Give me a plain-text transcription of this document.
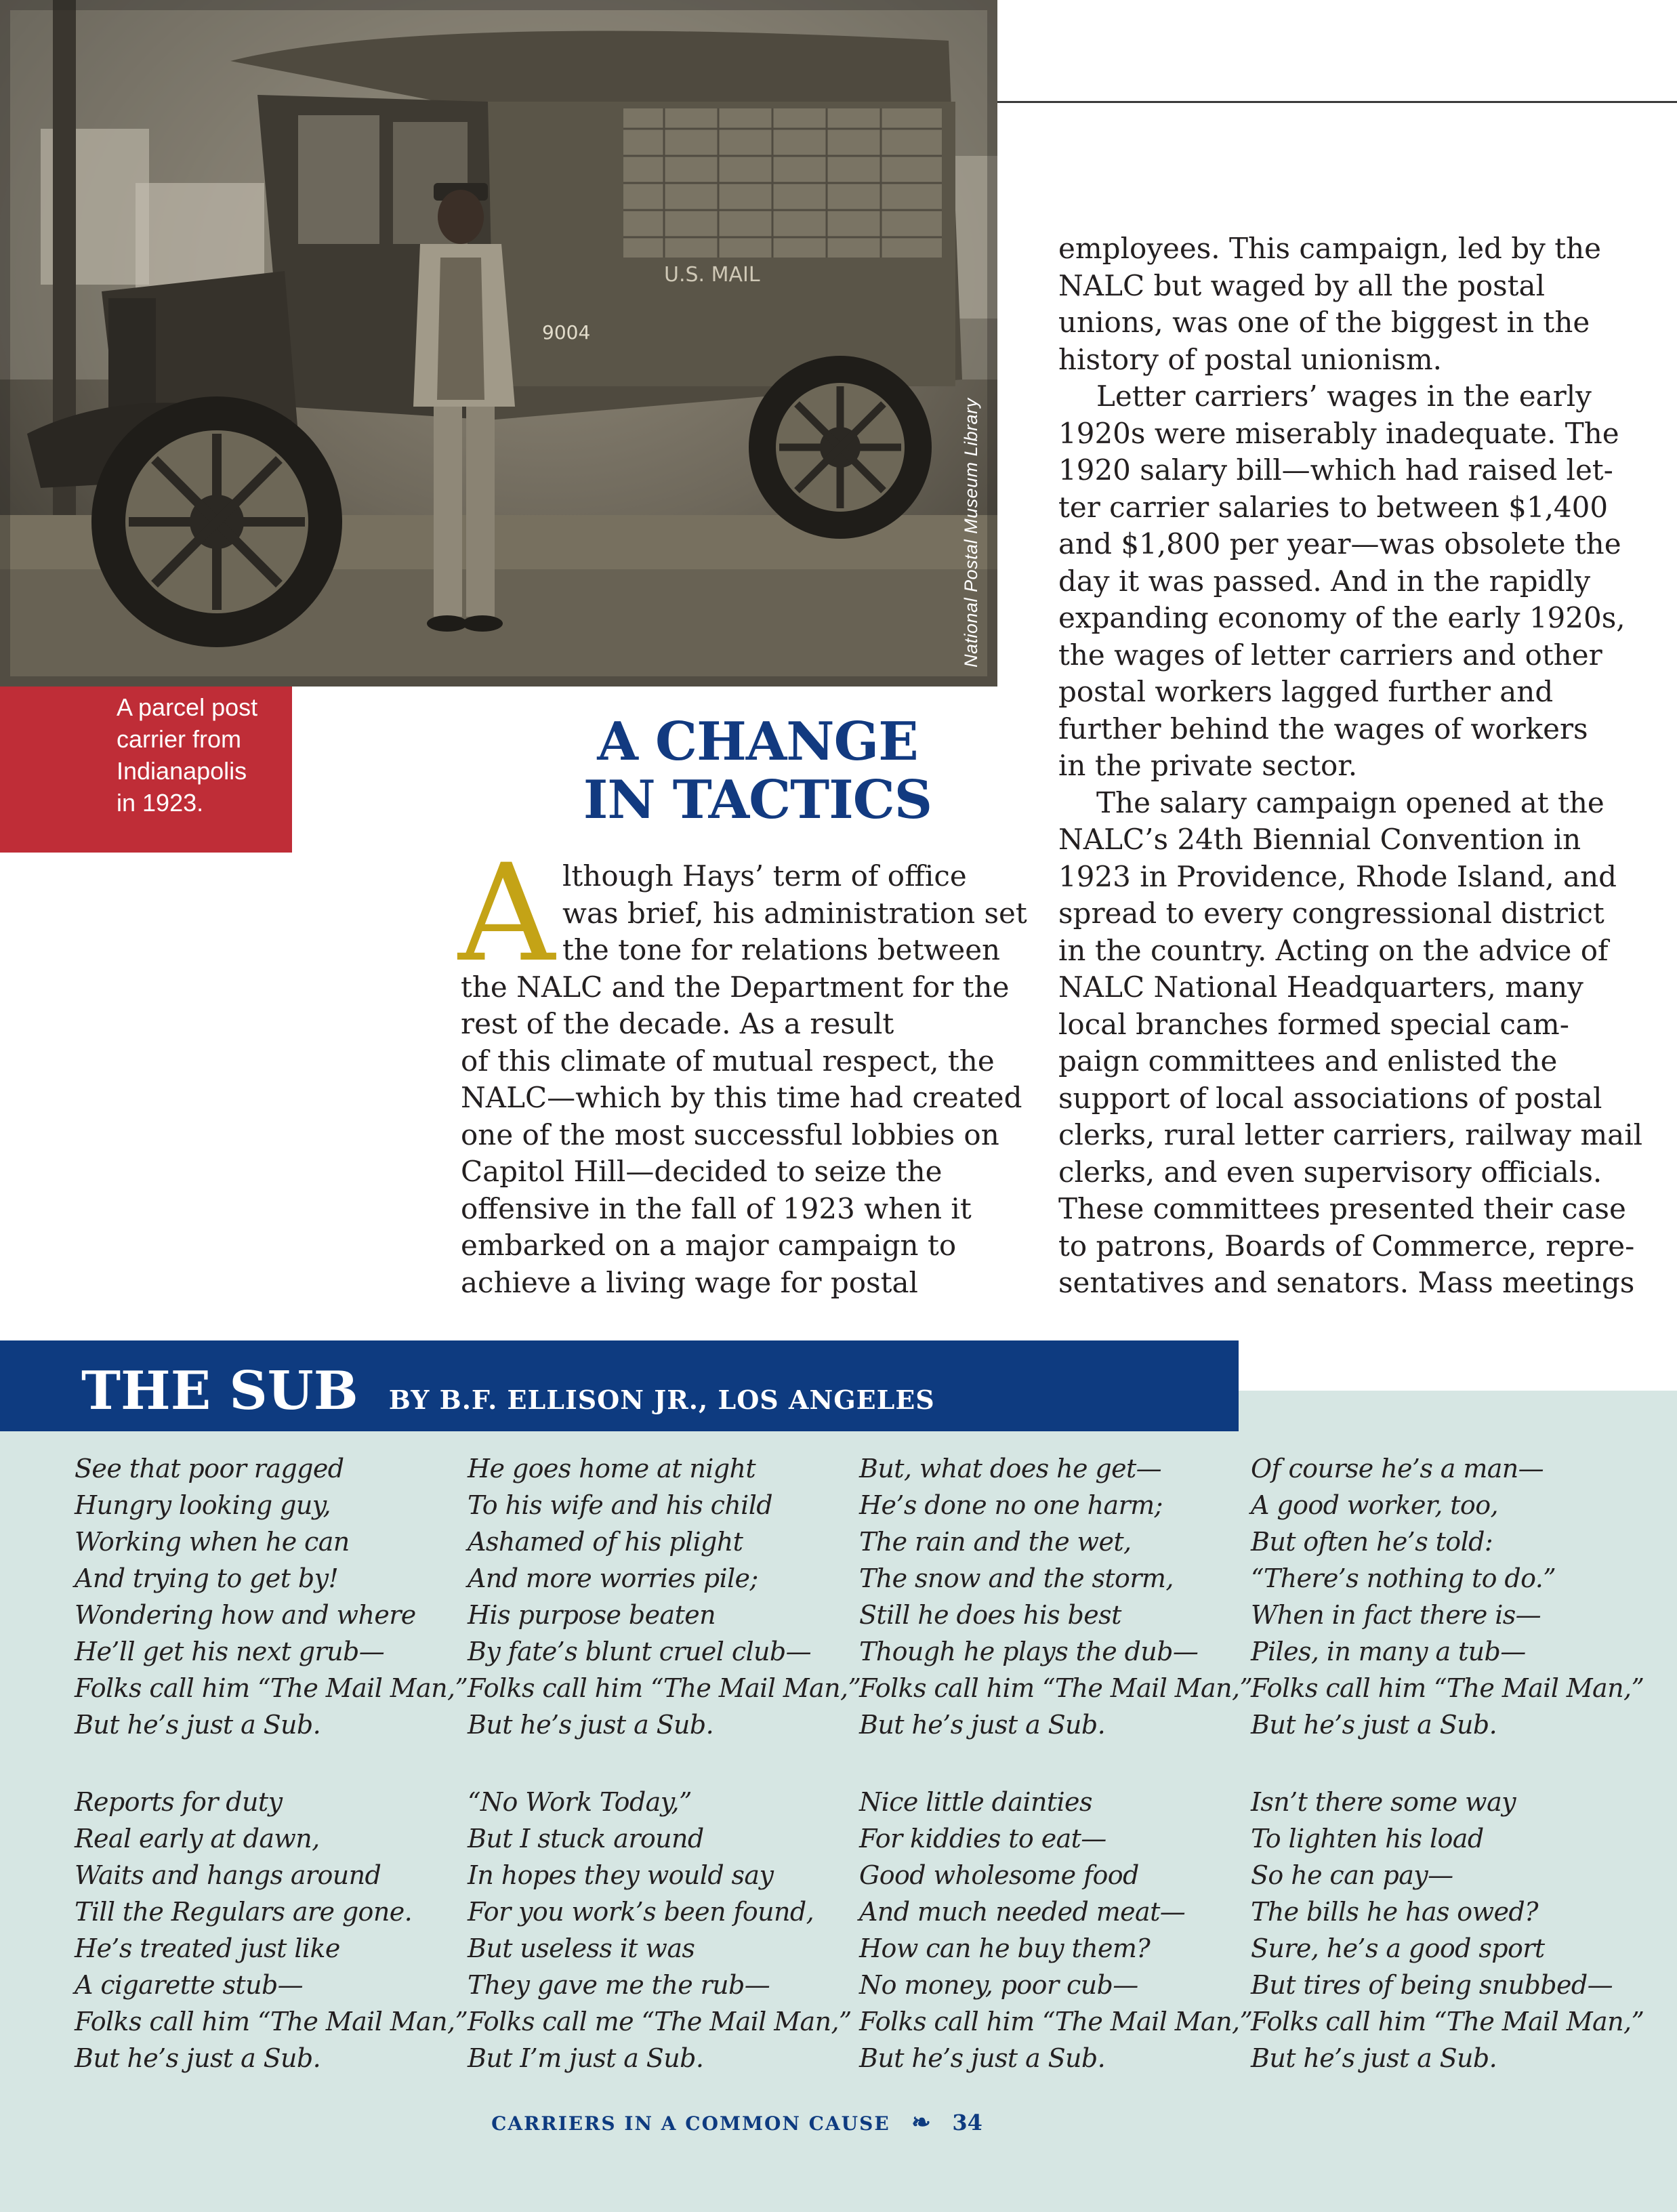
U.S. MAIL
9004
National Postal Museum Library
A parcel post
carrier from
Indianapolis
in 1923.
A CHANGE
IN TACTICS
A lthough Hays’ term of office
was brief, his administration set
the tone for relations between
the NALC and the Department for the
rest of the decade. As a result
of this climate of mutual respect, the
NALC—which by this time had created
one of the most successful lobbies on
Capitol Hill—decided to seize the
offensive in the fall of 1923 when it
embarked on a major campaign to
achieve a living wage for postal
employees. This campaign, led by the
NALC but waged by all the postal
unions, was one of the biggest in the
history of postal unionism.
Letter carriers’ wages in the early
1920s were miserably inadequate. The
1920 salary bill—which had raised let-
ter carrier salaries to between $1,400
and $1,800 per year—was obsolete the
day it was passed. And in the rapidly
expanding economy of the early 1920s,
the wages of letter carriers and other
postal workers lagged further and
further behind the wages of workers
in the private sector.
The salary campaign opened at the
NALC’s 24th Biennial Convention in
1923 in Providence, Rhode Island, and
spread to every congressional district
in the country. Acting on the advice of
NALC National Headquarters, many
local branches formed special cam-
paign committees and enlisted the
support of local associations of postal
clerks, rural letter carriers, railway mail
clerks, and even supervisory officials.
These committees presented their case
to patrons, Boards of Commerce, repre-
sentatives and senators. Mass meetings
THE SUB BY B.F. ELLISON JR., LOS ANGELES
See that poor ragged
Hungry looking guy,
Working when he can
And trying to get by!
Wondering how and where
He’ll get his next grub—
Folks call him “The Mail Man,”
But he’s just a Sub.
He goes home at night
To his wife and his child
Ashamed of his plight
And more worries pile;
His purpose beaten
By fate’s blunt cruel club—
Folks call him “The Mail Man,”
But he’s just a Sub.
But, what does he get—
He’s done no one harm;
The rain and the wet,
The snow and the storm,
Still he does his best
Though he plays the dub—
Folks call him “The Mail Man,”
But he’s just a Sub.
Of course he’s a man—
A good worker, too,
But often he’s told:
“There’s nothing to do.”
When in fact there is—
Piles, in many a tub—
Folks call him “The Mail Man,”
But he’s just a Sub.
Reports for duty
Real early at dawn,
Waits and hangs around
Till the Regulars are gone.
He’s treated just like
A cigarette stub—
Folks call him “The Mail Man,”
But he’s just a Sub.
“No Work Today,”
But I stuck around
In hopes they would say
For you work’s been found,
But useless it was
They gave me the rub—
Folks call me “The Mail Man,”
But I’m just a Sub.
Nice little dainties
For kiddies to eat—
Good wholesome food
And much needed meat—
How can he buy them?
No money, poor cub—
Folks call him “The Mail Man,”
But he’s just a Sub.
Isn’t there some way
To lighten his load
So he can pay—
The bills he has owed?
Sure, he’s a good sport
But tires of being snubbed—
Folks call him “The Mail Man,”
But he’s just a Sub.
CARRIERS IN A COMMON CAUSE ❧ 34
